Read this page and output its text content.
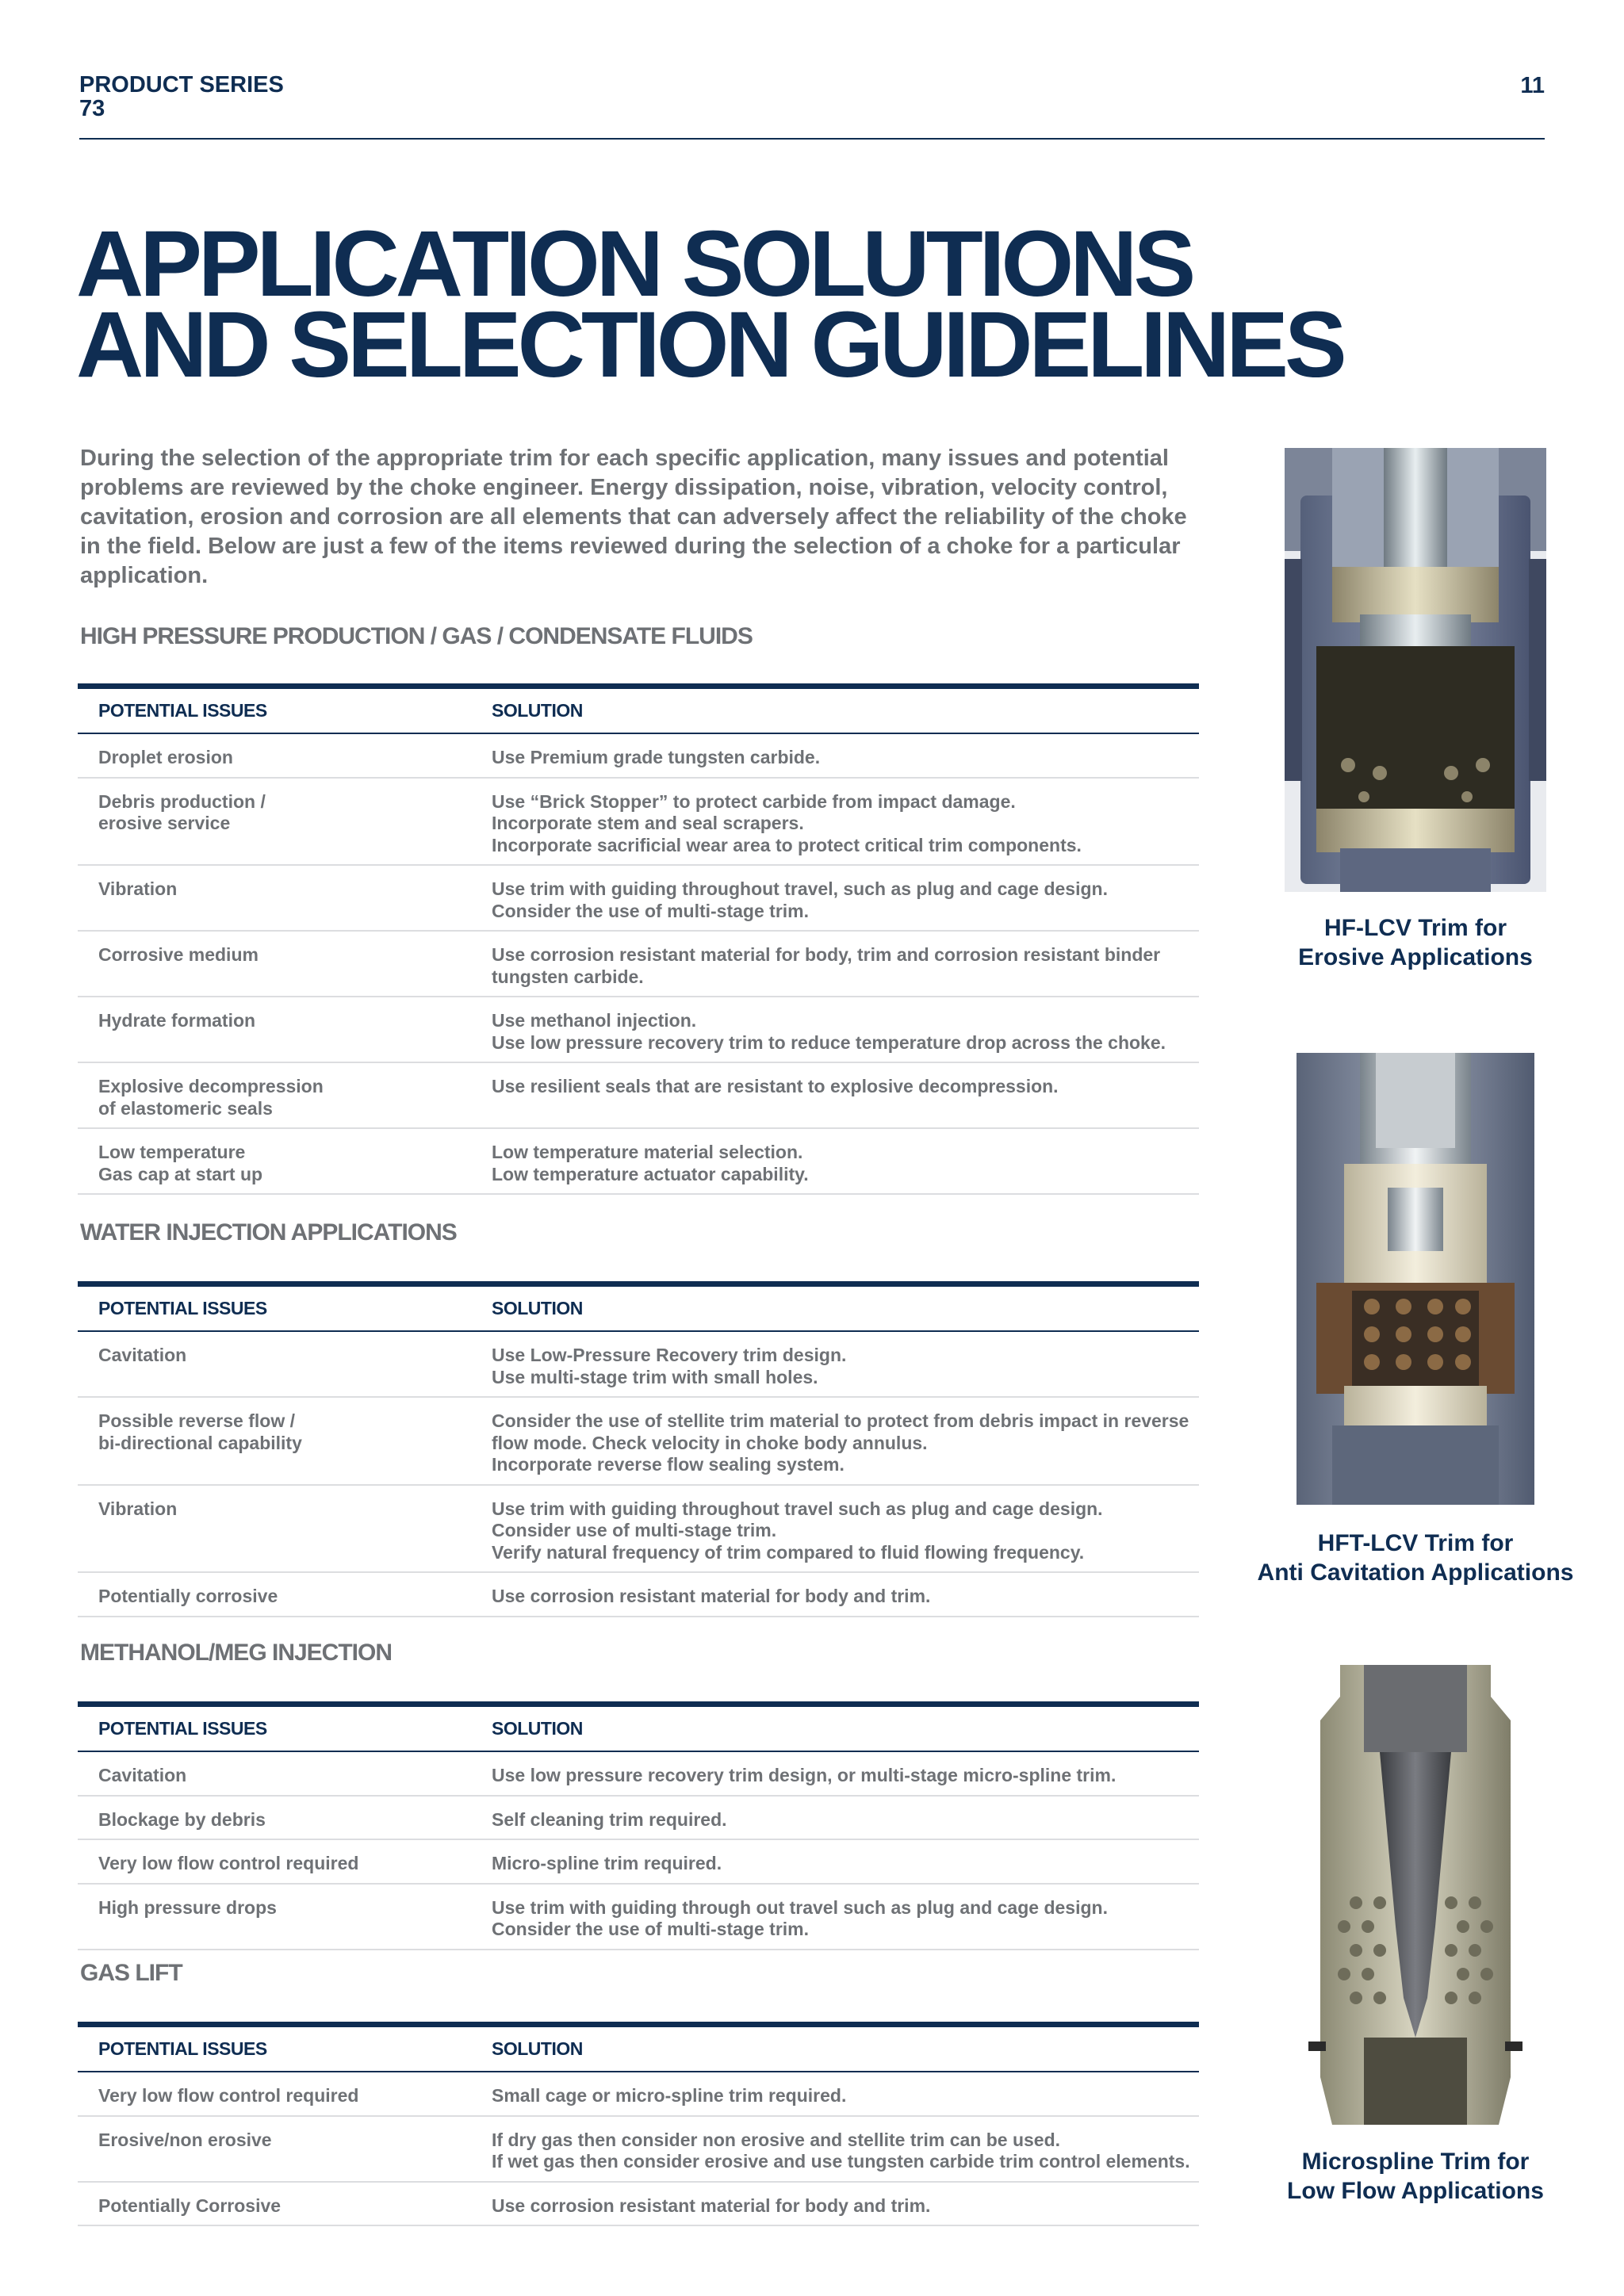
PRODUCT SERIES
73
11
APPLICATION SOLUTIONS
AND SELECTION GUIDELINES

During the selection of the appropriate trim for each specific application, many issues and potential problems are reviewed by the choke engineer. Energy dissipation, noise, vibration, velocity control, cavitation, erosion and corrosion are all elements that can adversely affect the reliability of the choke in the field. Below are just a few of the items reviewed during the selection of a choke for a particular application.

HIGH PRESSURE PRODUCTION / GAS / CONDENSATE FLUIDS
POTENTIAL ISSUES	SOLUTION

Droplet erosion	Use Premium grade tungsten carbide.

Debris production /
erosive service	Use “Brick Stopper” to protect carbide from impact damage.
Incorporate stem and seal scrapers.
Incorporate sacrificial wear area to protect critical trim components.

Vibration	Use trim with guiding throughout travel, such as plug and cage design.
Consider the use of multi-stage trim.

Corrosive medium	Use corrosion resistant material for body, trim and corrosion resistant binder
tungsten carbide.

Hydrate formation	Use methanol injection.
Use low pressure recovery trim to reduce temperature drop across the choke.

Explosive decompression
of elastomeric seals	Use resilient seals that are resistant to explosive decompression.

Low temperature
Gas cap at start up	Low temperature material selection.
Low temperature actuator capability.
WATER INJECTION APPLICATIONS
POTENTIAL ISSUES	SOLUTION

Cavitation	Use Low-Pressure Recovery trim design.
Use multi-stage trim with small holes.

Possible reverse flow /
bi-directional capability	Consider the use of stellite trim material to protect from debris impact in reverse
flow mode. Check velocity in choke body annulus.
Incorporate reverse flow sealing system.

Vibration	Use trim with guiding throughout travel such as plug and cage design.
Consider use of multi-stage trim.
Verify natural frequency of trim compared to fluid flowing frequency.

Potentially corrosive	Use corrosion resistant material for body and trim.
METHANOL/MEG INJECTION
POTENTIAL ISSUES	SOLUTION

Cavitation	Use low pressure recovery trim design, or multi-stage micro-spline trim.

Blockage by debris	Self cleaning trim required.

Very low flow control required	Micro-spline trim required.

High pressure drops	Use trim with guiding through out travel such as plug and cage design.
Consider the use of multi-stage trim.
GAS LIFT
POTENTIAL ISSUES	SOLUTION

Very low flow control required	Small cage or micro-spline trim required.

Erosive/non erosive	If dry gas then consider non erosive and stellite trim can be used.
If wet gas then consider erosive and use tungsten carbide trim control elements.

Potentially Corrosive	Use corrosion resistant material for body and trim.
HF-LCV Trim for
Erosive Applications
HFT-LCV Trim for
Anti Cavitation Applications
Microspline Trim for
Low Flow Applications
